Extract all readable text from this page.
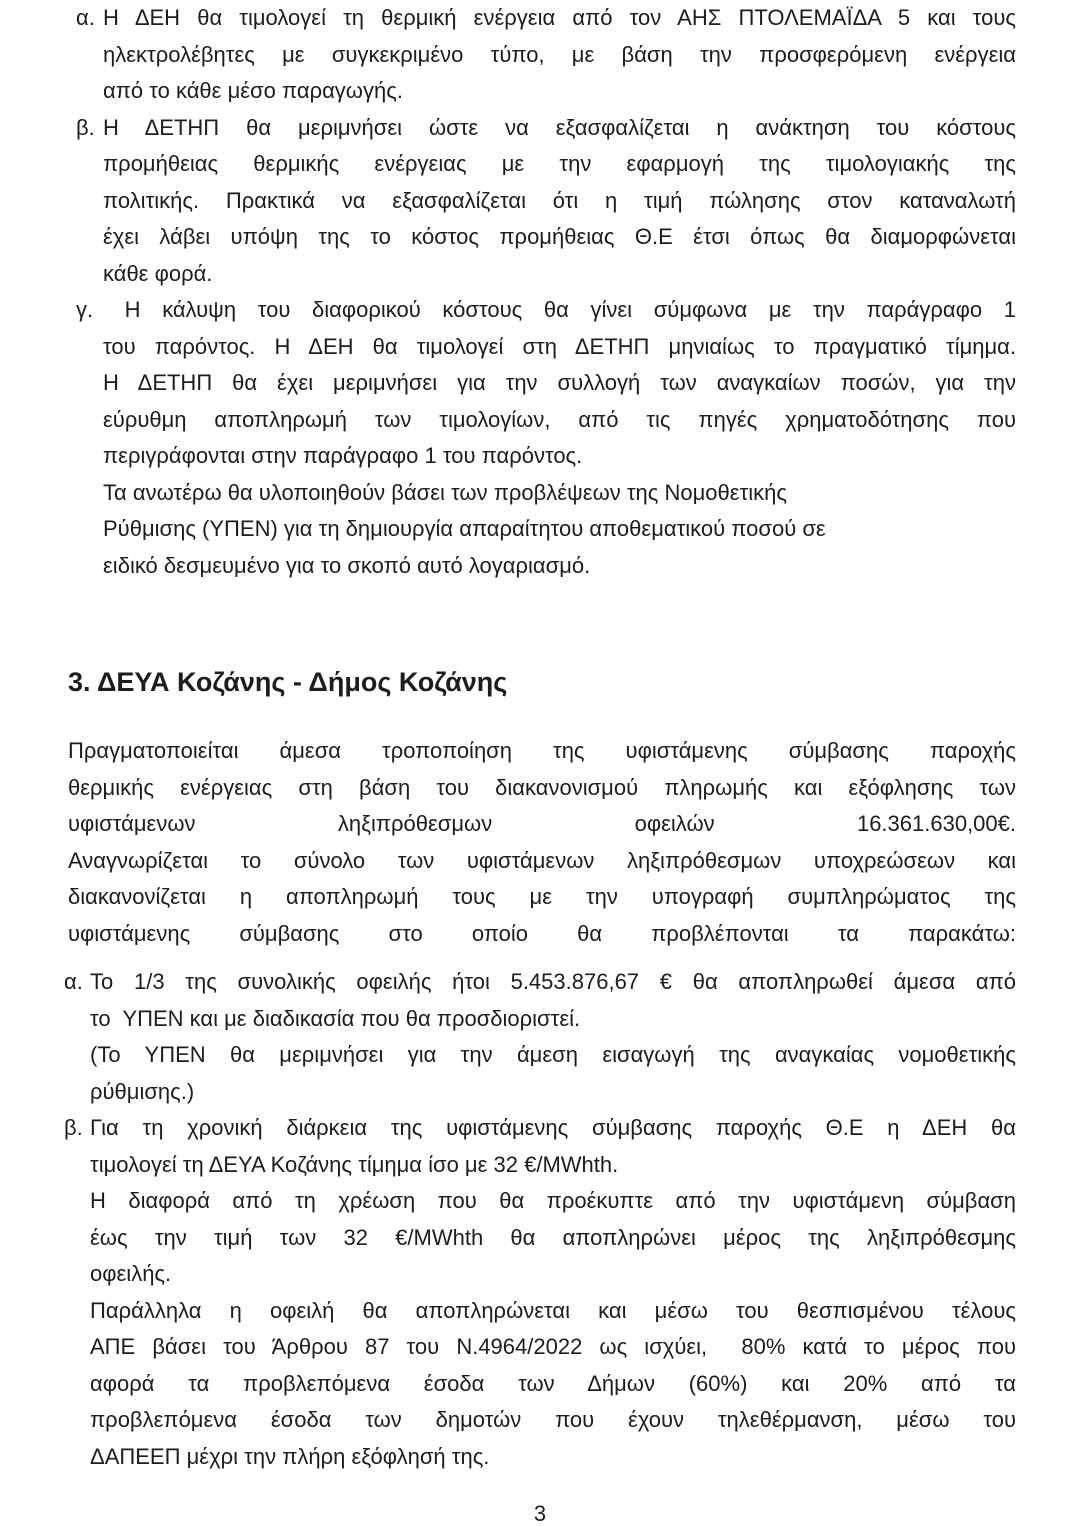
α. Η ΔΕΗ θα τιμολογεί τη θερμική ενέργεια από τον ΑΗΣ ΠΤΟΛΕΜΑΪΔΑ 5 και τους
ηλεκτρολέβητες με συγκεκριμένο τύπο, με βάση την προσφερόμενη ενέργεια
από το κάθε μέσο παραγωγής.
β. Η ΔΕΤΗΠ θα μεριμνήσει ώστε να εξασφαλίζεται η ανάκτηση του κόστους
προμήθειας θερμικής ενέργειας με την εφαρμογή της τιμολογιακής της
πολιτικής. Πρακτικά να εξασφαλίζεται ότι η τιμή πώλησης στον καταναλωτή
έχει λάβει υπόψη της το κόστος προμήθειας Θ.Ε έτσι όπως θα διαμορφώνεται
κάθε φορά.
γ. Η κάλυψη του διαφορικού κόστους θα γίνει σύμφωνα με την παράγραφο 1
του παρόντος. Η ΔΕΗ θα τιμολογεί στη ΔΕΤΗΠ μηνιαίως το πραγματικό τίμημα.
Η ΔΕΤΗΠ θα έχει μεριμνήσει για την συλλογή των αναγκαίων ποσών, για την
εύρυθμη αποπληρωμή των τιμολογίων, από τις πηγές χρηματοδότησης που
περιγράφονται στην παράγραφο 1 του παρόντος.
Τα ανωτέρω θα υλοποιηθούν βάσει των προβλέψεων της Νομοθετικής
Ρύθμισης (ΥΠΕΝ) για τη δημιουργία απαραίτητου αποθεματικού ποσού σε
ειδικό δεσμευμένο για το σκοπό αυτό λογαριασμό.
3. ΔΕΥΑ Κοζάνης - Δήμος Κοζάνης
Πραγματοποιείται άμεσα τροποποίηση της υφιστάμενης σύμβασης παροχής
θερμικής ενέργειας στη βάση του διακανονισμού πληρωμής και εξόφλησης των
υφιστάμενων ληξιπρόθεσμων οφειλών 16.361.630,00€.
Αναγνωρίζεται το σύνολο των υφιστάμενων ληξιπρόθεσμων υποχρεώσεων και
διακανονίζεται η αποπληρωμή τους με την υπογραφή συμπληρώματος της
υφιστάμενης σύμβασης στο οποίο θα προβλέπονται τα παρακάτω:
α. Το 1/3 της συνολικής οφειλής ήτοι 5.453.876,67 € θα αποπληρωθεί άμεσα από
το  ΥΠΕΝ και με διαδικασία που θα προσδιοριστεί.
(Το ΥΠΕΝ θα μεριμνήσει για την άμεση εισαγωγή της αναγκαίας νομοθετικής
ρύθμισης.)
β. Για τη χρονική διάρκεια της υφιστάμενης σύμβασης παροχής Θ.Ε η ΔΕΗ θα
τιμολογεί τη ΔΕΥΑ Κοζάνης τίμημα ίσο με 32 €/MWhth.
Η διαφορά από τη χρέωση που θα προέκυπτε από την υφιστάμενη σύμβαση
έως την τιμή των 32 €/MWhth θα αποπληρώνει μέρος της ληξιπρόθεσμης
οφειλής.
Παράλληλα η οφειλή θα αποπληρώνεται και μέσω του θεσπισμένου τέλους
ΑΠΕ βάσει του Άρθρου 87 του Ν.4964/2022 ως ισχύει,  80% κατά το μέρος που
αφορά τα προβλεπόμενα έσοδα των Δήμων (60%) και 20% από τα
προβλεπόμενα έσοδα των δημοτών που έχουν τηλεθέρμανση, μέσω του
ΔΑΠΕΕΠ μέχρι την πλήρη εξόφλησή της.
3
